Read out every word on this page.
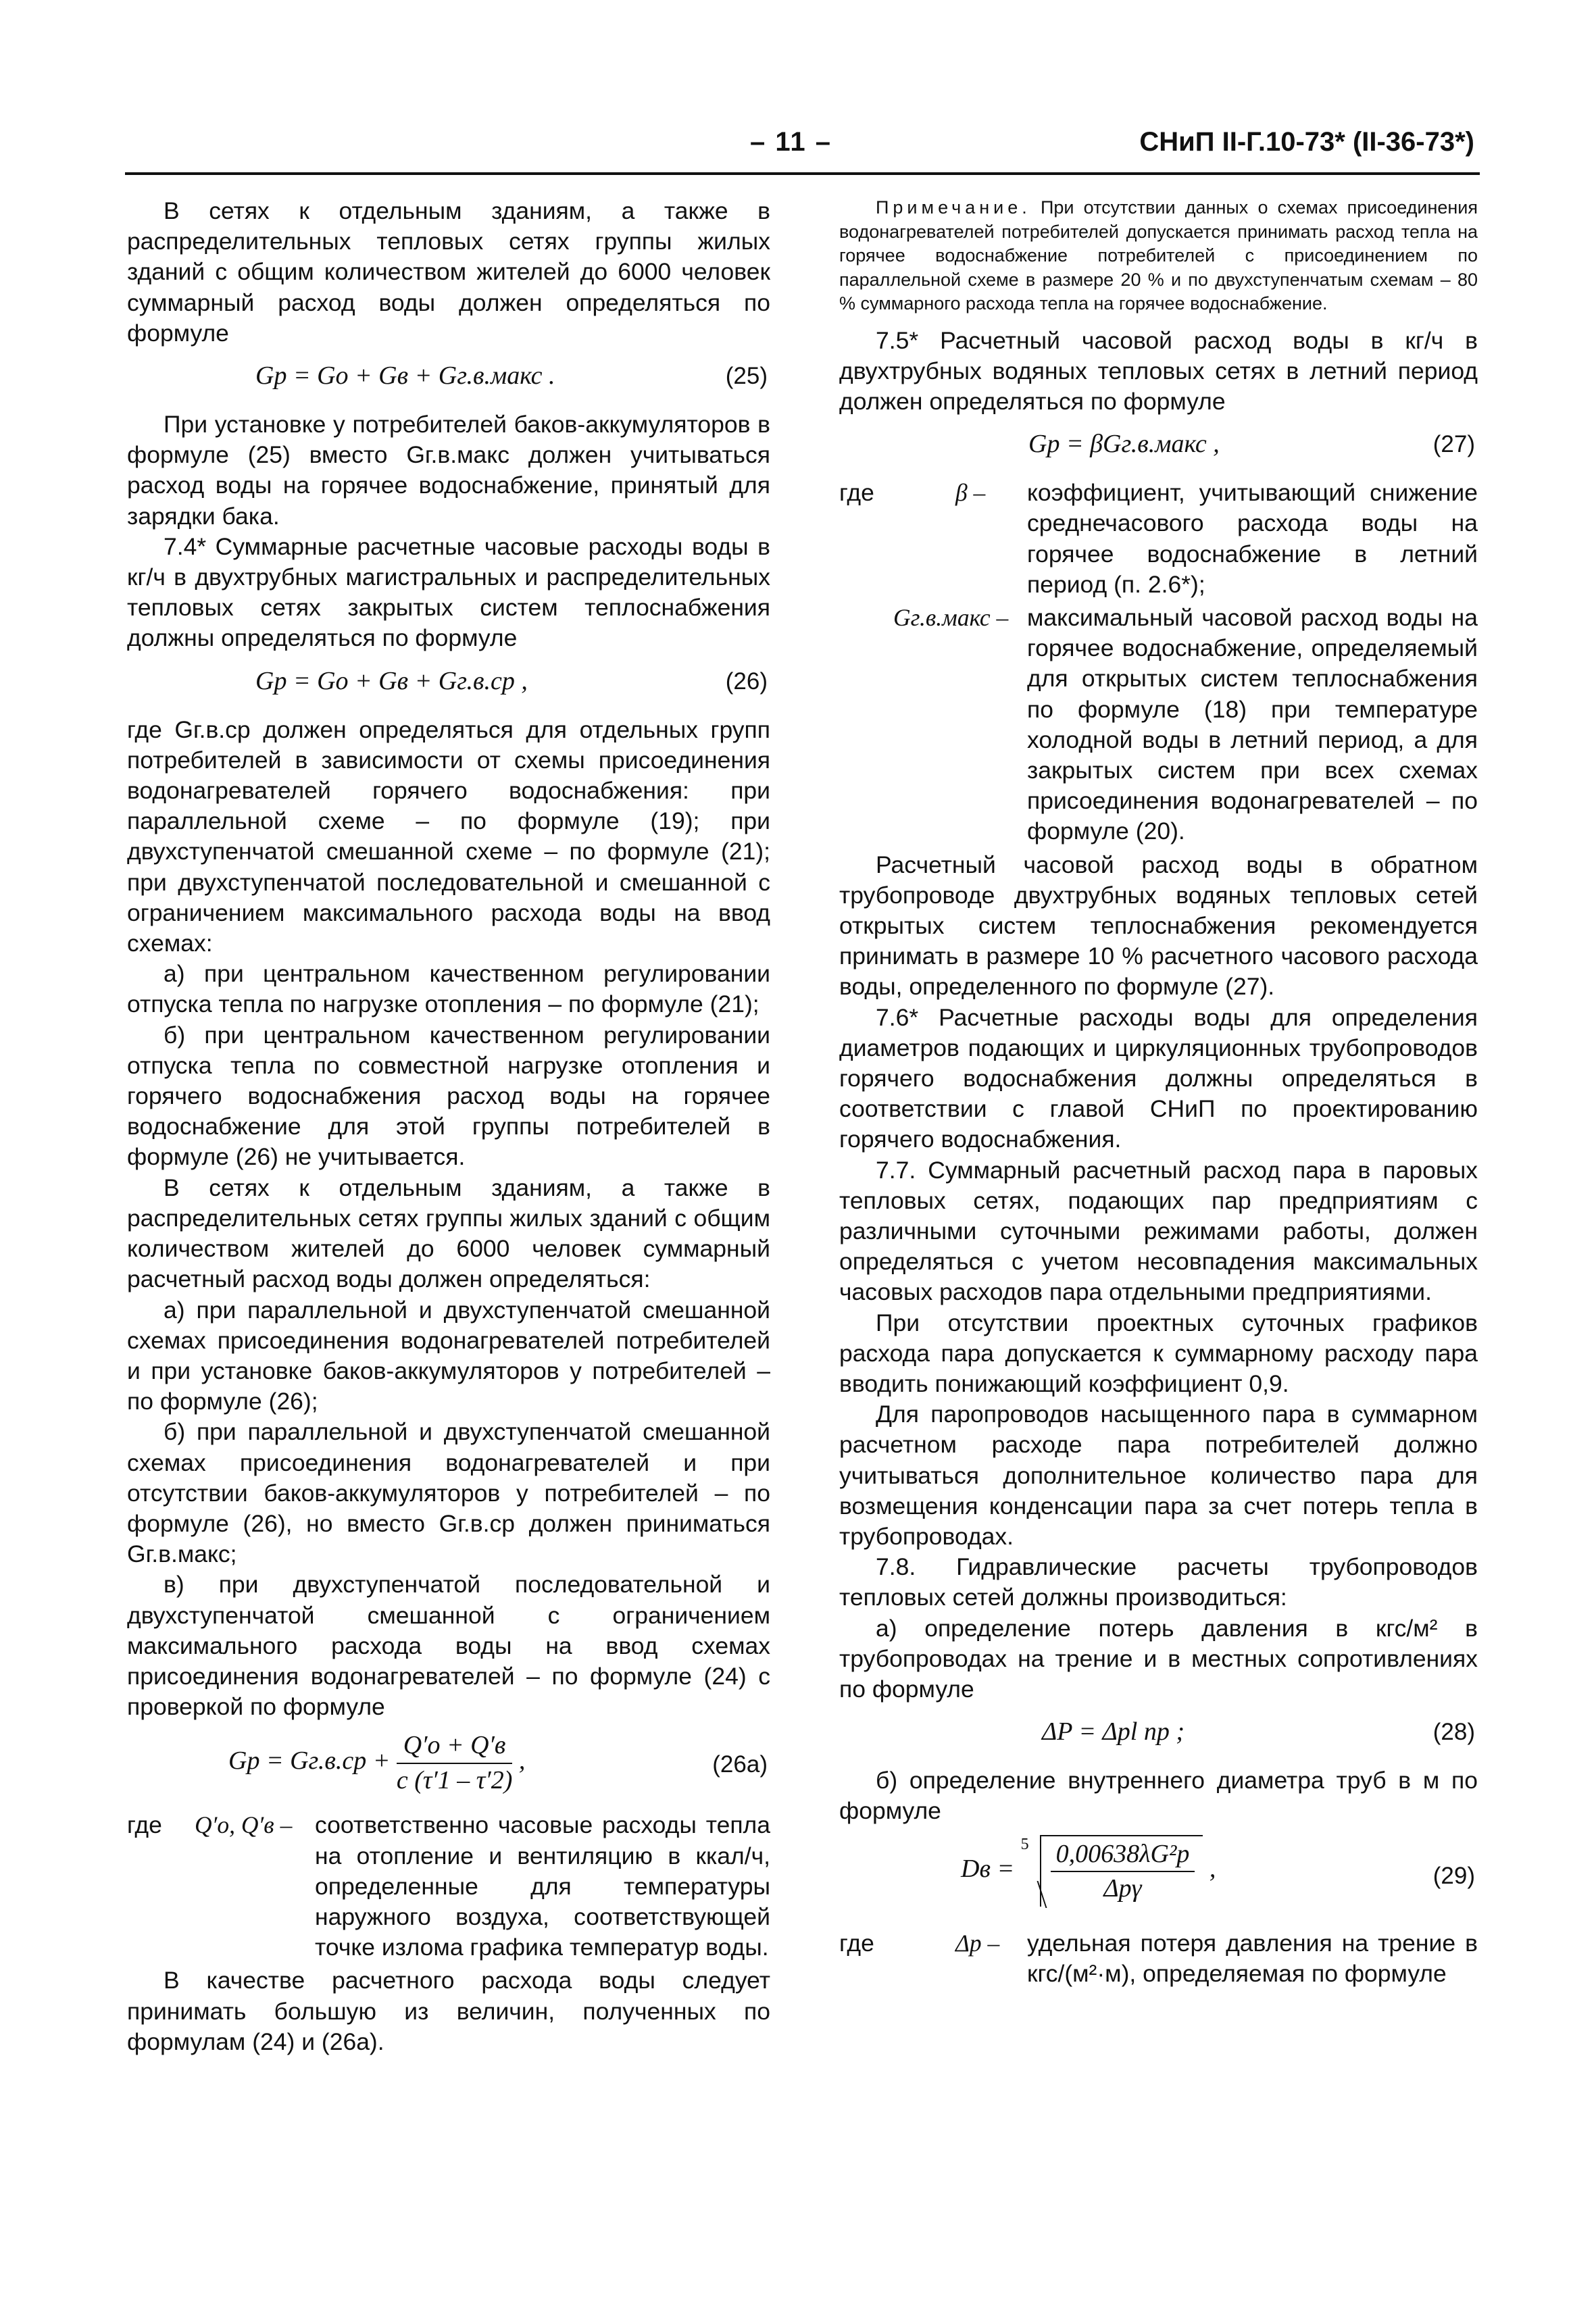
– 11 –	СНиП II-Г.10-73* (II-36-73*)

В сетях к отдельным зданиям, а также в распределительных тепловых сетях группы жилых зданий с общим количеством жителей до 6000 человек суммарный расход воды должен определяться по формуле

Gр = Gо + Gв + Gг.в.макс .	(25)

При установке у потребителей баков-аккумуляторов в формуле (25) вместо Gг.в.макс должен учитываться расход воды на горячее водоснабжение, принятый для зарядки бака.

7.4* Суммарные расчетные часовые расходы воды в кг/ч в двухтрубных магистральных и распределительных тепловых сетях закрытых систем теплоснабжения должны определяться по формуле

Gр = Gо + Gв + Gг.в.ср ,	(26)

где Gг.в.ср должен определяться для отдельных групп потребителей в зависимости от схемы присоединения водонагревателей горячего водоснабжения: при параллельной схеме – по формуле (19); при двухступенчатой смешанной схеме – по формуле (21); при двухступенчатой последовательной и смешанной с ограничением максимального расхода воды на ввод схемах:

а) при центральном качественном регулировании отпуска тепла по нагрузке отопления – по формуле (21);

б) при центральном качественном регулировании отпуска тепла по совместной нагрузке отопления и горячего водоснабжения расход воды на горячее водоснабжение для этой группы потребителей в формуле (26) не учитывается.

В сетях к отдельным зданиям, а также в распределительных сетях группы жилых зданий с общим количеством жителей до 6000 человек суммарный расчетный расход воды должен определяться:

а) при параллельной и двухступенчатой смешанной схемах присоединения водонагревателей потребителей и при установке баков-аккумуляторов у потребителей – по формуле (26);

б) при параллельной и двухступенчатой смешанной схемах присоединения водонагревателей и при отсутствии баков-аккумуляторов у потребителей – по формуле (26), но вместо Gг.в.ср должен приниматься Gг.в.макс;

в) при двухступенчатой последовательной и двухступенчатой смешанной с ограничением максимального расхода воды на ввод схемах присоединения водонагревателей – по формуле (24) с проверкой по формуле

Gр = $Gг.в.ср + \frac{Q'о + Q'в}{c (\tau'1 - \tau'2)}$ ,	(26а)
где Q′о, Q′в – соответственно часовые расходы тепла на отопление и вентиляцию в ккал/ч, определенные для температуры наружного воздуха, соответствующей точке излома графика температур воды.

В качестве расчетного расхода воды следует принимать большую из величин, полученных по формулам (24) и (26а).

Примечание. При отсутствии данных о схемах присоединения водонагревателей потребителей допускается принимать расход тепла на горячее водоснабжение потребителей с присоединением по параллельной схеме в размере 20 % и по двухступенчатым схемам – 80 % суммарного расхода тепла на горячее водоснабжение.

7.5* Расчетный часовой расход воды в кг/ч в двухтрубных водяных тепловых сетях в летний период должен определяться по формуле

Gр = βGг.в.макс ,	(27)
где	β – коэффициент, учитывающий снижение среднечасового расхода воды на горячее водоснабжение в летний период (п. 2.6*);

Gг.в.макс – максимальный часовой расход воды на горячее водоснабжение, определяемый для открытых систем теплоснабжения по формуле (18) при температуре холодной воды в летний период, а для закрытых систем при всех схемах присоединения водонагревателей – по формуле (20).

Расчетный часовой расход воды в обратном трубопроводе двухтрубных водяных тепловых сетей открытых систем теплоснабжения рекомендуется принимать в размере 10 % расчетного часового расхода воды, определенного по формуле (27).

7.6* Расчетные расходы воды для определения диаметров подающих и циркуляционных трубопроводов горячего водоснабжения должны определяться в соответствии с главой СНиП по проектированию горячего водоснабжения.

7.7. Суммарный расчетный расход пара в паровых тепловых сетях, подающих пар предприятиям с различными суточными режимами работы, должен определяться с учетом несовпадения максимальных часовых расходов пара отдельными предприятиями.

При отсутствии проектных суточных графиков расхода пара допускается к суммарному расходу пара вводить понижающий коэффициент 0,9.

Для паропроводов насыщенного пара в суммарном расчетном расходе пара потребителей должно учитываться дополнительное количество пара для возмещения конденсации пара за счет потерь тепла в трубопроводах.

7.8. Гидравлические расчеты трубопроводов тепловых сетей должны производиться:

а) определение потерь давления в кгс/м² в трубопроводах на трение и в местных сопротивлениях по формуле

ΔP = Δpl пр ;	(28)

б) определение внутреннего диаметра труб в м по формуле

Dв =
$5 \frac{\text{0,00638λG²р}}{\text{Δpγ}}$ ,	(29)
где	Δp – удельная потеря давления на трение в кгс/(м²·м), определяемая по формуле
